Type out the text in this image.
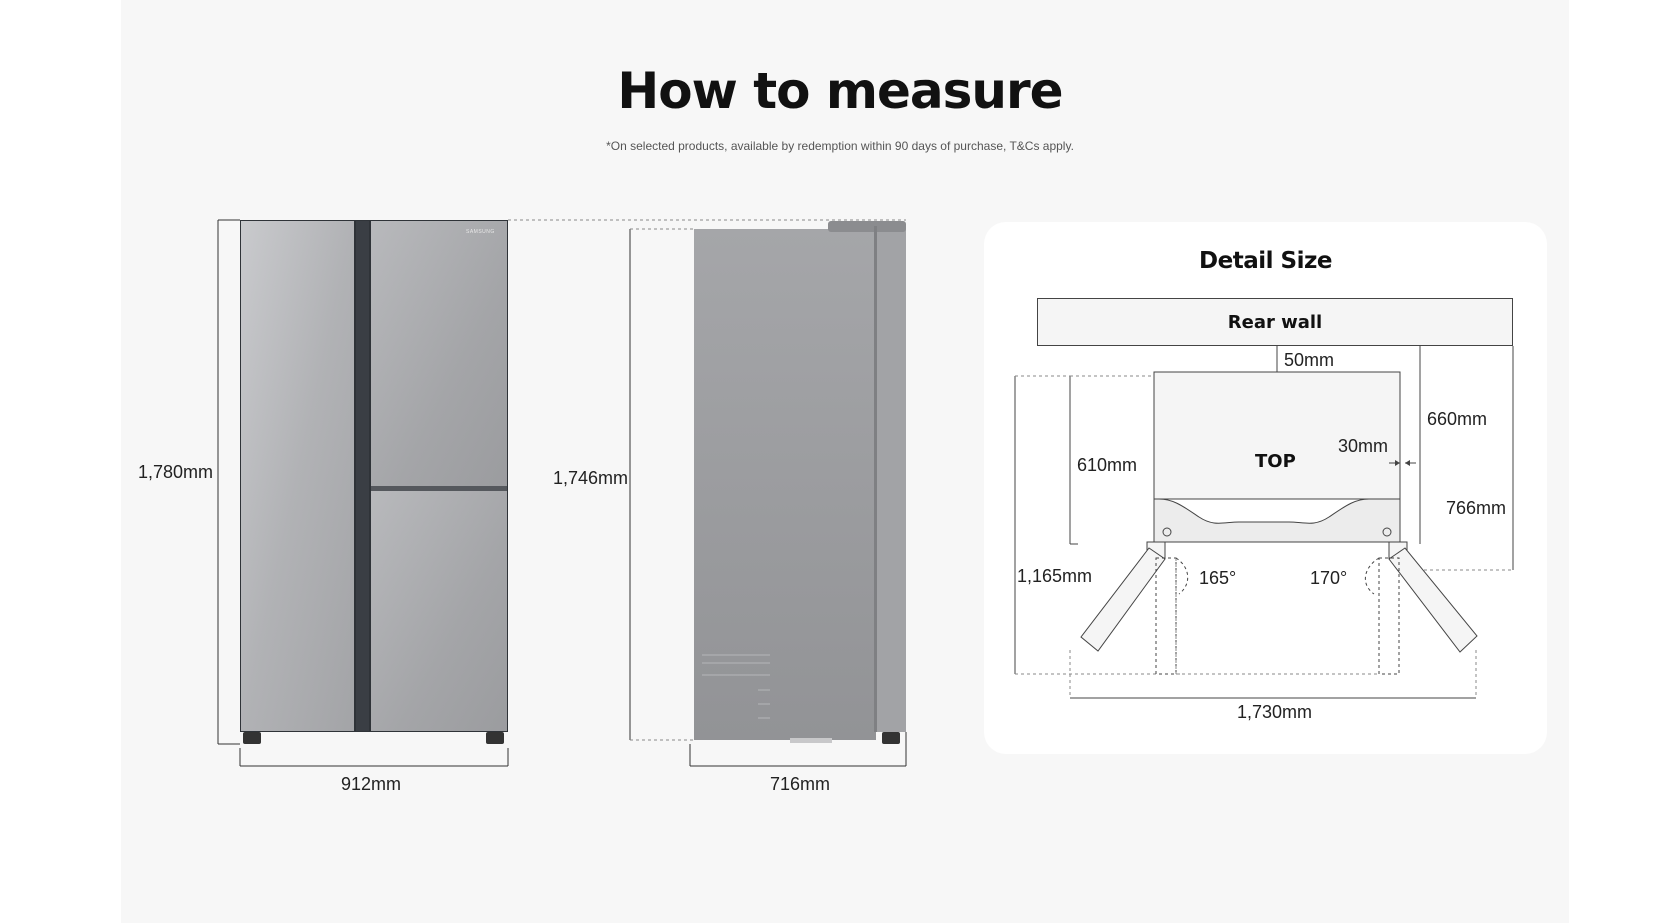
How to measure

*On selected products, available by redemption within 90 days of purchase, T&Cs apply.

SAMSUNG
1,780mm
912mm
1,746mm
716mm
Detail Size
Rear wall
50mm
610mm
660mm
30mm
TOP
766mm
1,165mm	165°	170°
1,730mm
